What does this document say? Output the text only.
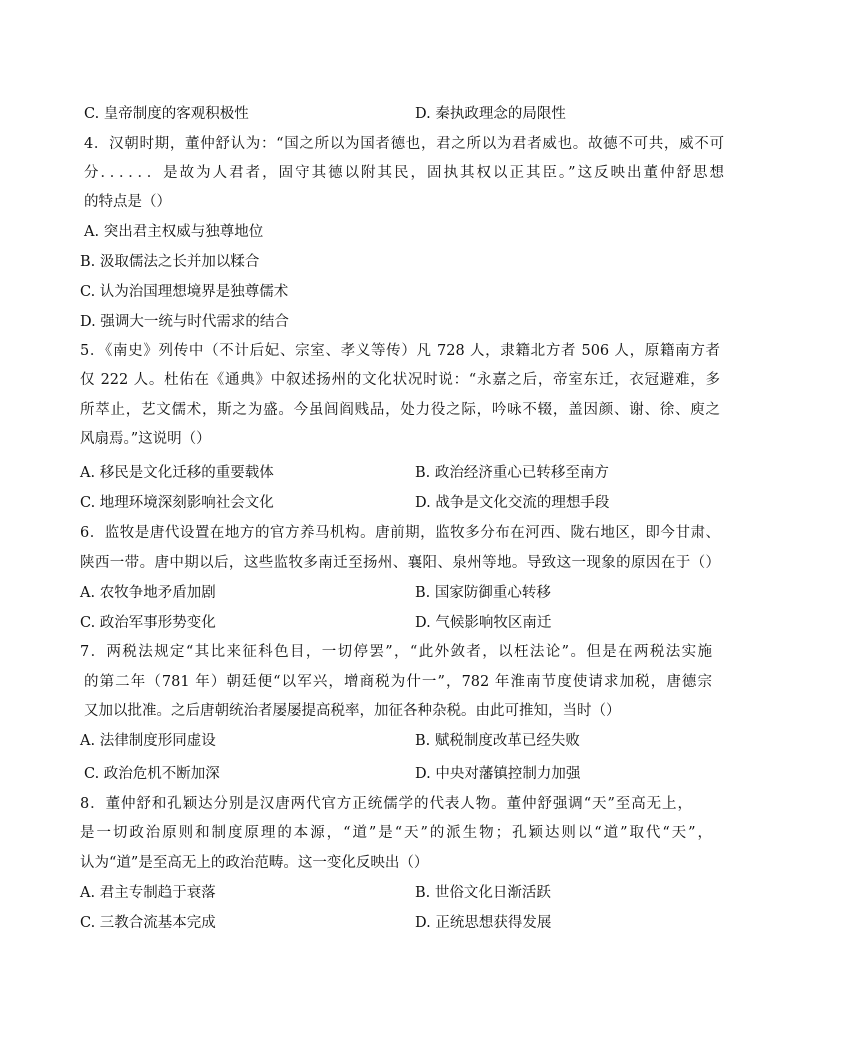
C. 皇帝制度的客观积极性	D. 秦执政理念的局限性
4．汉朝时期，董仲舒认为：“国之所以为国者德也，君之所以为君者威也。故德不可共，威不可
分．．．．．．是故为人君者，固守其德以附其民，固执其权以正其臣。”这反映出董仲舒思想
的特点是（）
A. 突出君主权威与独尊地位
B. 汲取儒法之长并加以糅合
C. 认为治国理想境界是独尊儒术
D. 强调大一统与时代需求的结合
5．《南史》列传中（不计后妃、宗室、孝义等传）凡 728 人，隶籍北方者 506 人，原籍南方者
仅 222 人。杜佑在《通典》中叙述扬州的文化状况时说：“永嘉之后，帝室东迁，衣冠避难，多
所萃止，艺文儒术，斯之为盛。今虽闾阎贱品，处力役之际，吟咏不辍，盖因颜、谢、徐、庾之
风扇焉。”这说明（）
A. 移民是文化迁移的重要载体	B. 政治经济重心已转移至南方
C. 地理环境深刻影响社会文化	D. 战争是文化交流的理想手段
6．监牧是唐代设置在地方的官方养马机构。唐前期，监牧多分布在河西、陇右地区，即今甘肃、
陕西一带。唐中期以后，这些监牧多南迁至扬州、襄阳、泉州等地。导致这一现象的原因在于（）
A. 农牧争地矛盾加剧	B. 国家防御重心转移
C. 政治军事形势变化	D. 气候影响牧区南迁
7．两税法规定“其比来征科色目，一切停罢”，“此外敛者，以枉法论”。但是在两税法实施
的第二年（781 年）朝廷便“以军兴，增商税为什一”，782 年淮南节度使请求加税，唐德宗
又加以批准。之后唐朝统治者屡屡提高税率，加征各种杂税。由此可推知，当时（）
A. 法律制度形同虚设	B. 赋税制度改革已经失败
C. 政治危机不断加深	D. 中央对藩镇控制力加强
8．董仲舒和孔颖达分别是汉唐两代官方正统儒学的代表人物。董仲舒强调“天”至高无上，
是一切政治原则和制度原理的本源，“道”是“天”的派生物；孔颖达则以“道”取代“天”，
认为“道”是至高无上的政治范畴。这一变化反映出（）
A. 君主专制趋于衰落	B. 世俗文化日渐活跃
C. 三教合流基本完成	D. 正统思想获得发展
